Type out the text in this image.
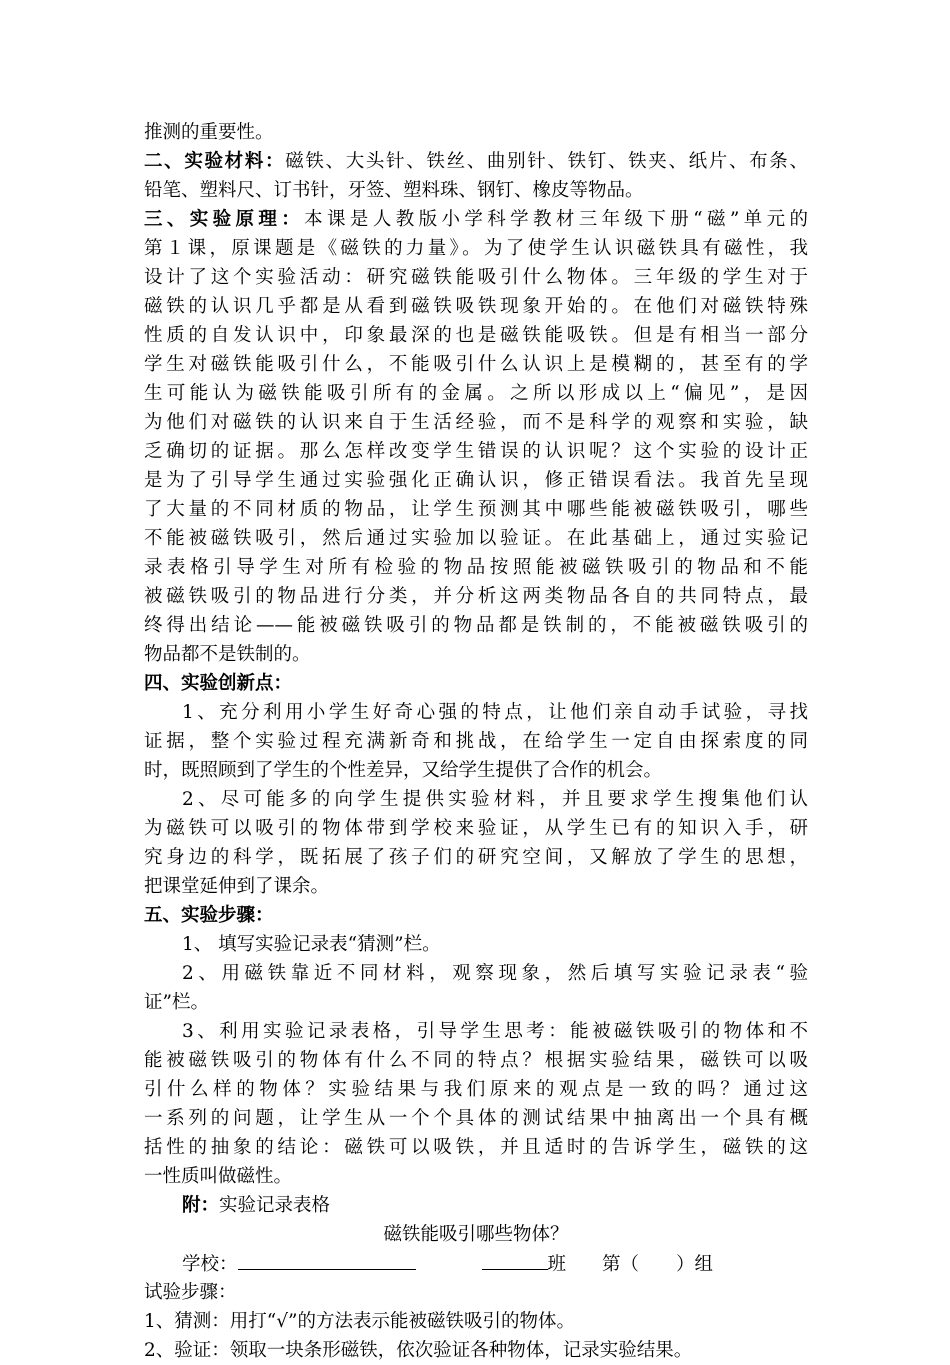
推测的重要性。
二、实验材料：磁铁、大头针、铁丝、曲别针、铁钉、铁夹、纸片、布条、
铅笔、塑料尺、订书针，牙签、塑料珠、钢钉、橡皮等物品。
三、实验原理：本课是人教版小学科学教材三年级下册“磁”单元的
第１课，原课题是《磁铁的力量》。为了使学生认识磁铁具有磁性，我
设计了这个实验活动：研究磁铁能吸引什么物体。三年级的学生对于
磁铁的认识几乎都是从看到磁铁吸铁现象开始的。在他们对磁铁特殊
性质的自发认识中，印象最深的也是磁铁能吸铁。但是有相当一部分
学生对磁铁能吸引什么，不能吸引什么认识上是模糊的，甚至有的学
生可能认为磁铁能吸引所有的金属。之所以形成以上“偏见”，是因
为他们对磁铁的认识来自于生活经验，而不是科学的观察和实验，缺
乏确切的证据。那么怎样改变学生错误的认识呢？这个实验的设计正
是为了引导学生通过实验强化正确认识，修正错误看法。我首先呈现
了大量的不同材质的物品，让学生预测其中哪些能被磁铁吸引，哪些
不能被磁铁吸引，然后通过实验加以验证。在此基础上，通过实验记
录表格引导学生对所有检验的物品按照能被磁铁吸引的物品和不能
被磁铁吸引的物品进行分类，并分析这两类物品各自的共同特点，最
终得出结论——能被磁铁吸引的物品都是铁制的，不能被磁铁吸引的
物品都不是铁制的。
四、实验创新点：
1、充分利用小学生好奇心强的特点，让他们亲自动手试验，寻找
证据，整个实验过程充满新奇和挑战，在给学生一定自由探索度的同
时，既照顾到了学生的个性差异，又给学生提供了合作的机会。
2、尽可能多的向学生提供实验材料，并且要求学生搜集他们认
为磁铁可以吸引的物体带到学校来验证，从学生已有的知识入手，研
究身边的科学，既拓展了孩子们的研究空间，又解放了学生的思想，
把课堂延伸到了课余。
五、实验步骤：
1、 填写实验记录表“猜测”栏。
2、用磁铁靠近不同材料，观察现象，然后填写实验记录表“验
证”栏。
3、利用实验记录表格，引导学生思考：能被磁铁吸引的物体和不
能被磁铁吸引的物体有什么不同的特点？根据实验结果，磁铁可以吸
引什么样的物体？实验结果与我们原来的观点是一致的吗？通过这
一系列的问题，让学生从一个个具体的测试结果中抽离出一个具有概
括性的抽象的结论：磁铁可以吸铁，并且适时的告诉学生，磁铁的这
一性质叫做磁性。
附：实验记录表格
磁铁能吸引哪些物体？
学校：	班 第（　　）组
试验步骤：
1、猜测：用打“√”的方法表示能被磁铁吸引的物体。
2、验证：领取一块条形磁铁，依次验证各种物体，记录实验结果。
